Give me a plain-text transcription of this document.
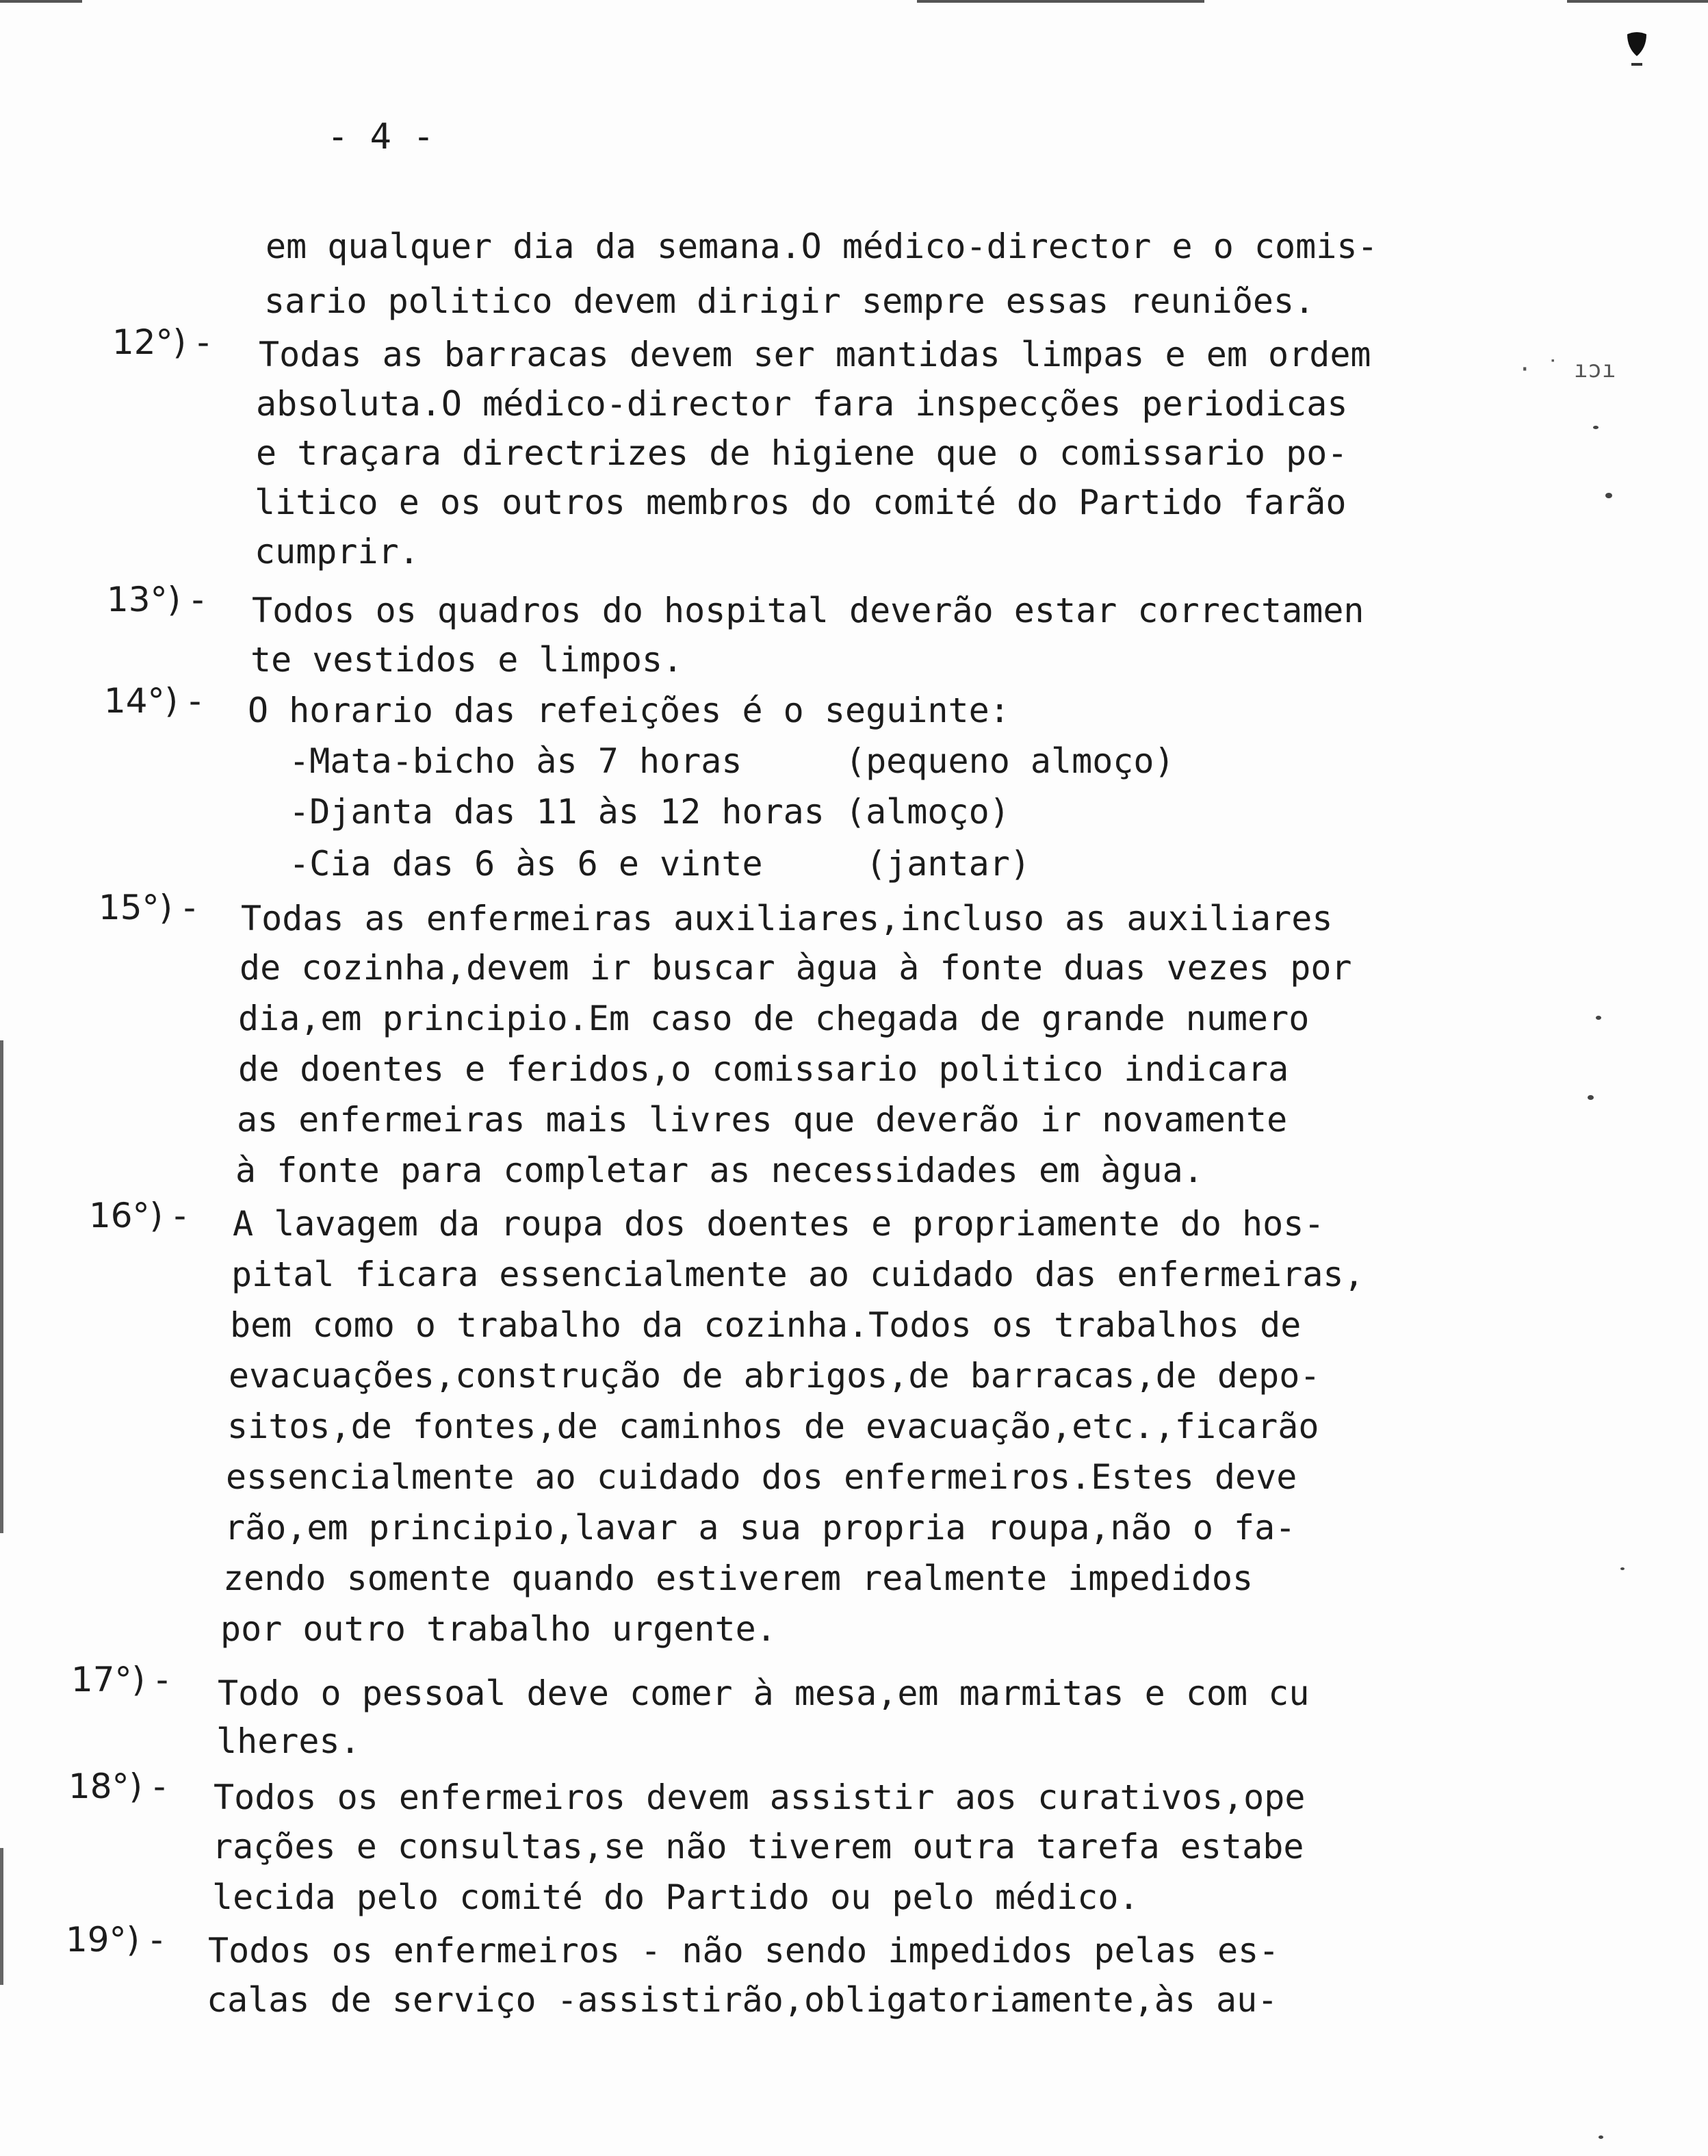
- 4 -
· ˙ ıɔı
em qualquer dia da semana.O médico-director e o comis-
sario politico devem dirigir sempre essas reuniões.
12°) - Todas as barracas devem ser mantidas limpas e em ordem
absoluta.O médico-director fara inspecções periodicas
e traçara directrizes de higiene que o comissario po-
litico e os outros membros do comité do Partido farão
cumprir.
13°) - Todos os quadros do hospital deverão estar correctamen
te vestidos e limpos.
14°) - O horario das refeições é o seguinte:
-Mata-bicho às 7 horas     (pequeno almoço)
-Djanta das 11 às 12 horas (almoço)
-Cia das 6 às 6 e vinte     (jantar)
15°) - Todas as enfermeiras auxiliares,incluso as auxiliares
de cozinha,devem ir buscar àgua à fonte duas vezes por
dia,em principio.Em caso de chegada de grande numero
de doentes e feridos,o comissario politico indicara
as enfermeiras mais livres que deverão ir novamente
à fonte para completar as necessidades em àgua.
16°) - A lavagem da roupa dos doentes e propriamente do hos-
pital ficara essencialmente ao cuidado das enfermeiras,
bem como o trabalho da cozinha.Todos os trabalhos de
evacuações,construção de abrigos,de barracas,de depo-
sitos,de fontes,de caminhos de evacuação,etc.,ficarão
essencialmente ao cuidado dos enfermeiros.Estes deve
rão,em principio,lavar a sua propria roupa,não o fa-
zendo somente quando estiverem realmente impedidos
por outro trabalho urgente.
17°) - Todo o pessoal deve comer à mesa,em marmitas e com cu
lheres.
18°) - Todos os enfermeiros devem assistir aos curativos,ope
rações e consultas,se não tiverem outra tarefa estabe
lecida pelo comité do Partido ou pelo médico.
19°) - Todos os enfermeiros - não sendo impedidos pelas es-
calas de serviço -assistirão,obligatoriamente,às au-
